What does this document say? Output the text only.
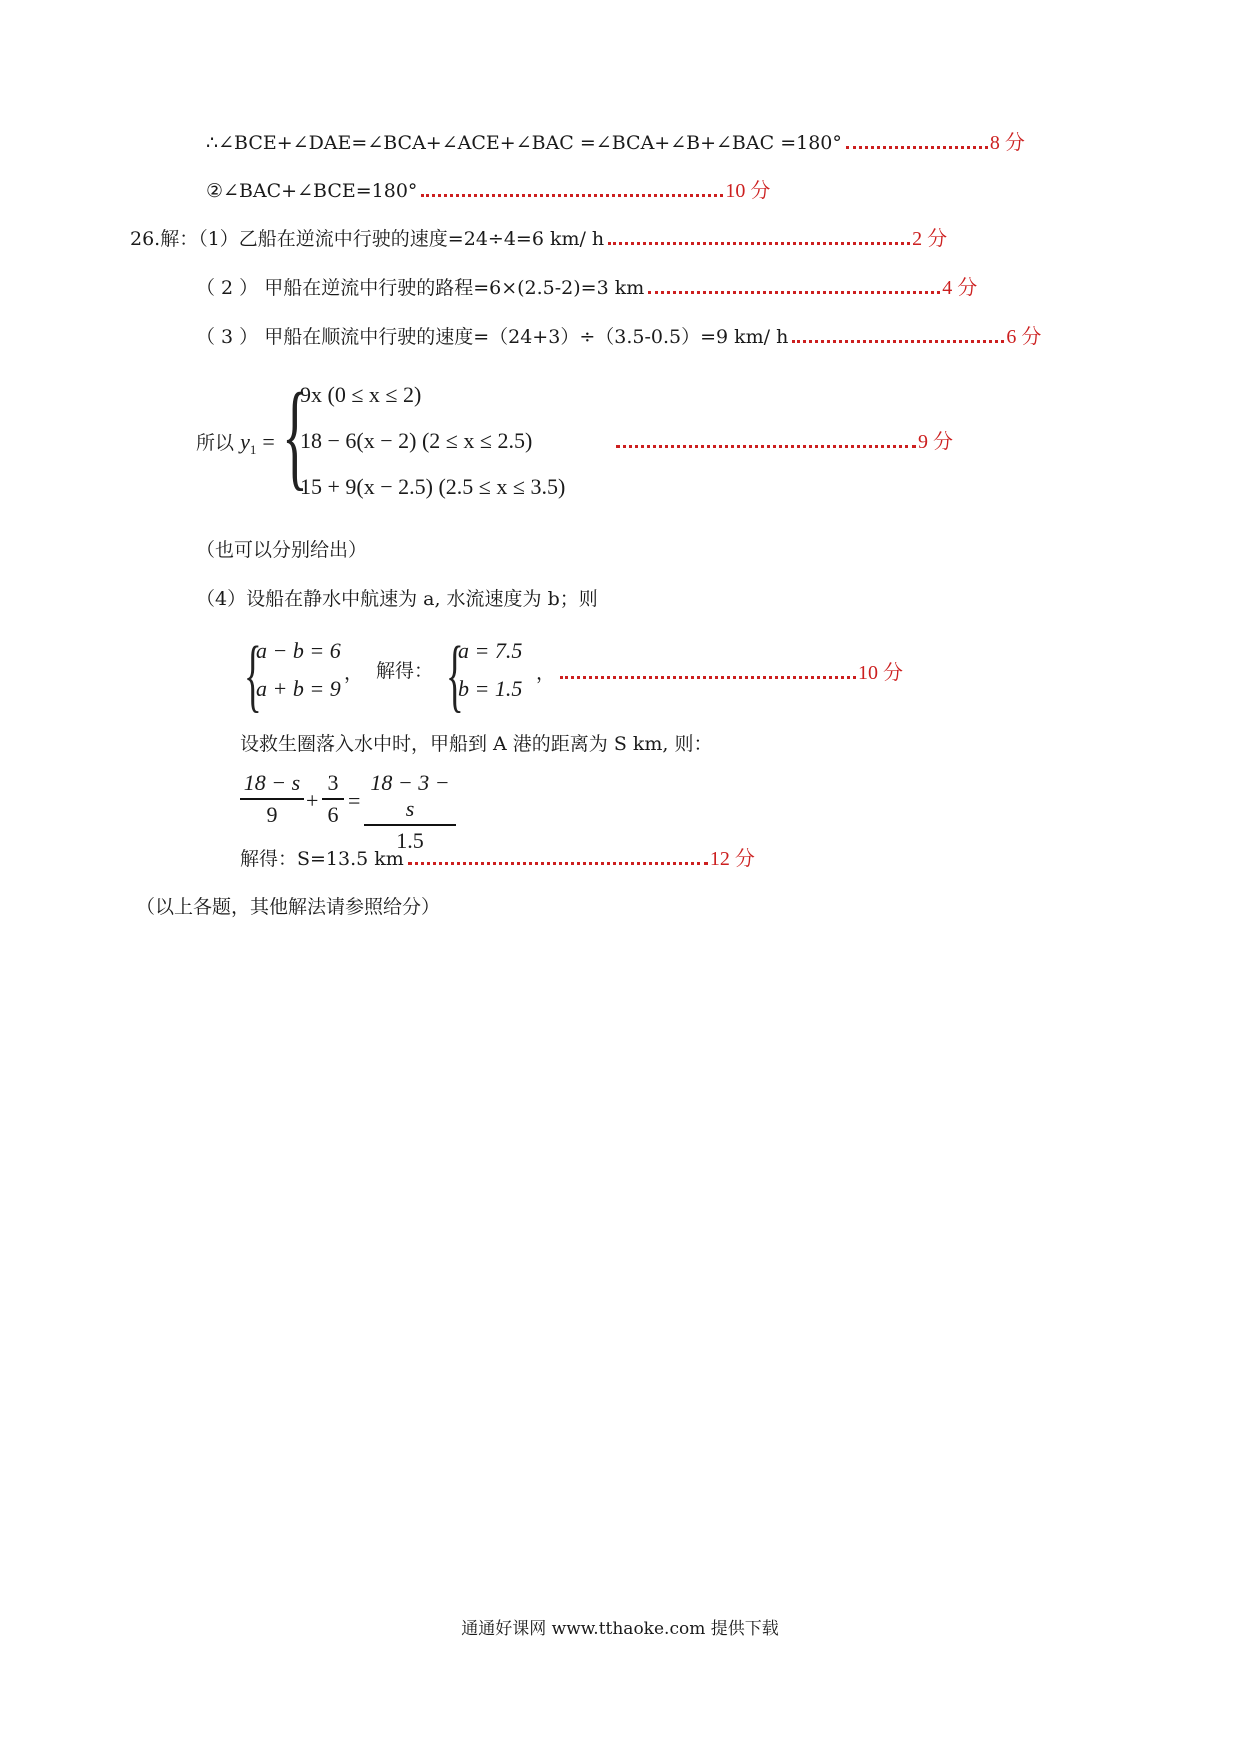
∴∠BCE+∠DAE=∠BCA+∠ACE+∠BAC =∠BCA+∠B+∠BAC =180°	8 分
②∠BAC+∠BCE=180°	10 分
26.解：（1）乙船在逆流中行驶的速度=24÷4=6 km/ h	2 分
（ 2 ） 甲船在逆流中行驶的路程=6×(2.5-2)=3 km	4 分
（ 3 ） 甲船在顺流中行驶的速度=（24+3）÷（3.5-0.5）=9 km/ h	6 分
所以 $y_1$ = {
9x (0 ≤ x ≤ 2)
18 − 6(x − 2) (2 ≤ x ≤ 2.5)
15 + 9(x − 2.5) (2.5 ≤ x ≤ 3.5)
9 分
（也可以分别给出）
（4）设船在静水中航速为 a, 水流速度为 b；则
{
a − b = 6
a + b = 9
， 解得： {
a = 7.5
b = 1.5
，	10 分
设救生圈落入水中时，甲船到 A 港的距离为 S km, 则：
18 − s
9
+
3
6
=
18 − 3 − s
1.5
解得：S=13.5 km	12 分
（以上各题，其他解法请参照给分）
通通好课网 www.tthaoke.com 提供下载
